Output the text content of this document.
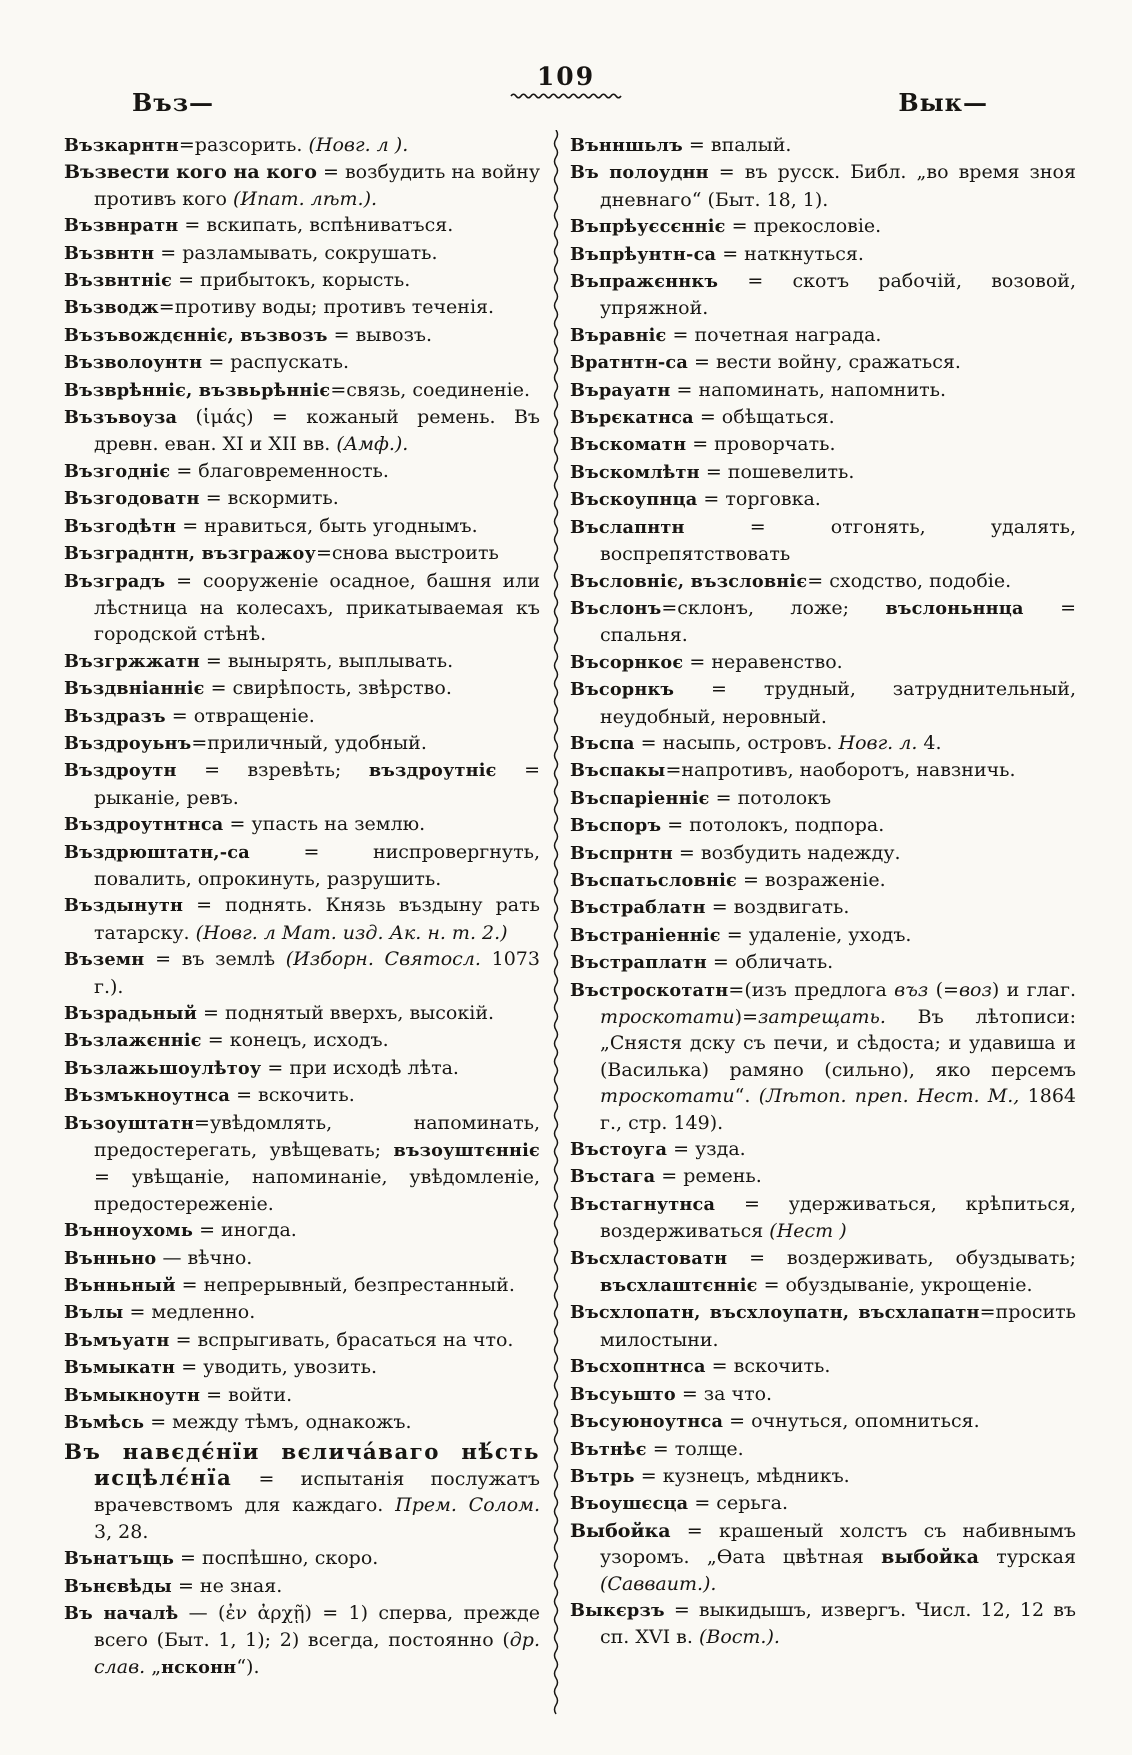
109
Въз—

Възкарнтн=разсорить. (Новг. л ).

Възвести кого на кого = возбудить на войну противъ кого (Ипат. лѣт.).

Възвнратн = вскипать, вспѣниватъся.

Възвнтн = разламывать, сокрушать.

Възвнтніє = прибытокъ, корысть.

Възводж=противу воды; противъ теченія.

Възъвождєнніє, възвозъ = вывозъ.

Възволоунтн = распускать.

Възврѣнніє, възвьрѣнніє=связь, соединеніе.

Възъвоуза (ἱμάς) = кожаный ремень. Въ древн. еван. XI и XII вв. (Амф.).

Възгодніє = благовременность.

Възгодоватн = вскормить.

Възгодѣтн = нравиться, быть угоднымъ.

Възграднтн, възгражоу=снова выстроить

Възградъ = сооруженіе осадное, башня или лѣстница на колесахъ, прикатываемая къ городской стѣнѣ.

Възгржжатн = вынырять, выплывать.

Въздвніанніє = свирѣпость, звѣрство.

Въздразъ = отвращеніе.

Въздроуьнъ=приличный, удобный.

Въздроутн = взревѣть; въздроутніє = рыканіе, ревъ.

Въздроутнтнса = упасть на землю.

Въздрюштатн,-са = ниспровергнуть, повалить, опрокинуть, разрушить.

Въздынутн = поднять. Князь въздыну рать татарску. (Новг. л Мат. изд. Ак. н. т. 2.)

Въземн = въ землѣ (Изборн. Святосл. 1073 г.).

Възрадьный = поднятый вверхъ, высокій.

Възлажєнніє = конецъ, исходъ.

Възлажьшоулѣтоу = при исходѣ лѣта.

Възмъкноутнса = вскочить.

Възоуштатн=увѣдомлять, напоминать, предостерегать, увѣщевать; възоуштєнніє = увѣщаніе, напоминаніе, увѣдомленіе, предостереженіе.

Вънноухомь = иногда.

Вънньно — вѣчно.

Вънньный = непрерывный, безпрестанный.

Вълы = медленно.

Въмъуатн = вспрыгивать, брасаться на что.

Въмыкатн = уводить, увозить.

Въмыкноутн = войти.

Въмѣсь = между тѣмъ, однакожъ.

Въ навєдє́нїи вєлича́ваго нѣ́сть исцѣлє́нїа = испытанія послужатъ врачевствомъ для каждаго. Прем. Солом. 3, 28.

Вънатъщь = поспѣшно, скоро.

Вънєвѣды = не зная.

Въ началѣ — (ἐν ἀρχῇ) = 1) сперва, прежде всего (Быт. 1, 1); 2) всегда, постоянно (др. слав. „нсконн“).

Вык—

Вънншьлъ = впалый.

Въ полоуднн = въ русск. Библ. „во время зноя дневнаго“ (Быт. 18, 1).

Въпрѣуєсєнніє = прекословіе.

Въпрѣунтн-са = наткнуться.

Въпражєннкъ = скотъ рабочій, возовой, упряжной.

Въравніє = почетная награда.

Вратнтн-са = вести войну, сражаться.

Върауатн = напоминать, напомнить.

Върєкатнса = обѣщаться.

Въскоматн = проворчать.

Въскомлѣтн = пошевелить.

Въскоупнца = торговка.

Въслапнтн = отгонять, удалять, воспрепятствовать

Въсловніє, възсловніє= сходство, подобіе.

Въслонъ=склонъ, ложе; въслоньннца = спальня.

Въсорнкоє = неравенство.

Въсорнкъ = трудный, затруднительный, неудобный, неровный.

Въспа = насыпь, островъ. Новг. л. 4.

Въспакы=напротивъ, наоборотъ, навзничь.

Въспаріенніє = потолокъ

Въспоръ = потолокъ, подпора.

Въспрнтн = возбудить надежду.

Въспатьсловніє = возраженіе.

Въстраблатн = воздвигать.

Въстраніенніє = удаленіе, уходъ.

Въстраплатн = обличать.

Въстроскотатн=(изъ предлога въз (=воз) и глаг. троскотати)=затрещать. Въ лѣтописи: „Снястя дску съ печи, и сѣдоста; и удавиша и (Василька) рамяно (сильно), яко персемъ троскотати“. (Лѣтоп. преп. Нест. М., 1864 г., стр. 149).

Въстоуга = узда.

Въстага = ремень.

Въстагнутнса = удерживаться, крѣпиться, воздерживаться (Нест )

Въсхластоватн = воздерживать, обуздывать; въсхлаштєнніє = обуздываніе, укрощеніе.

Въсхлопатн, въсхлоупатн, въсхлапатн=просить милостыни.

Въсхопнтнса = вскочить.

Въсуьшто = за что.

Въсуюноутнса = очнуться, опомниться.

Вътнѣє = толще.

Вътрь = кузнецъ, мѣдникъ.

Въоушєсца = серьга.

Выбойка = крашеный холстъ съ набивнымъ узоромъ. „Ѳата цвѣтная выбойка турская (Савваит.).

Выкєрзъ = выкидышъ, извергъ. Числ. 12, 12 въ сп. XVI в. (Вост.).
